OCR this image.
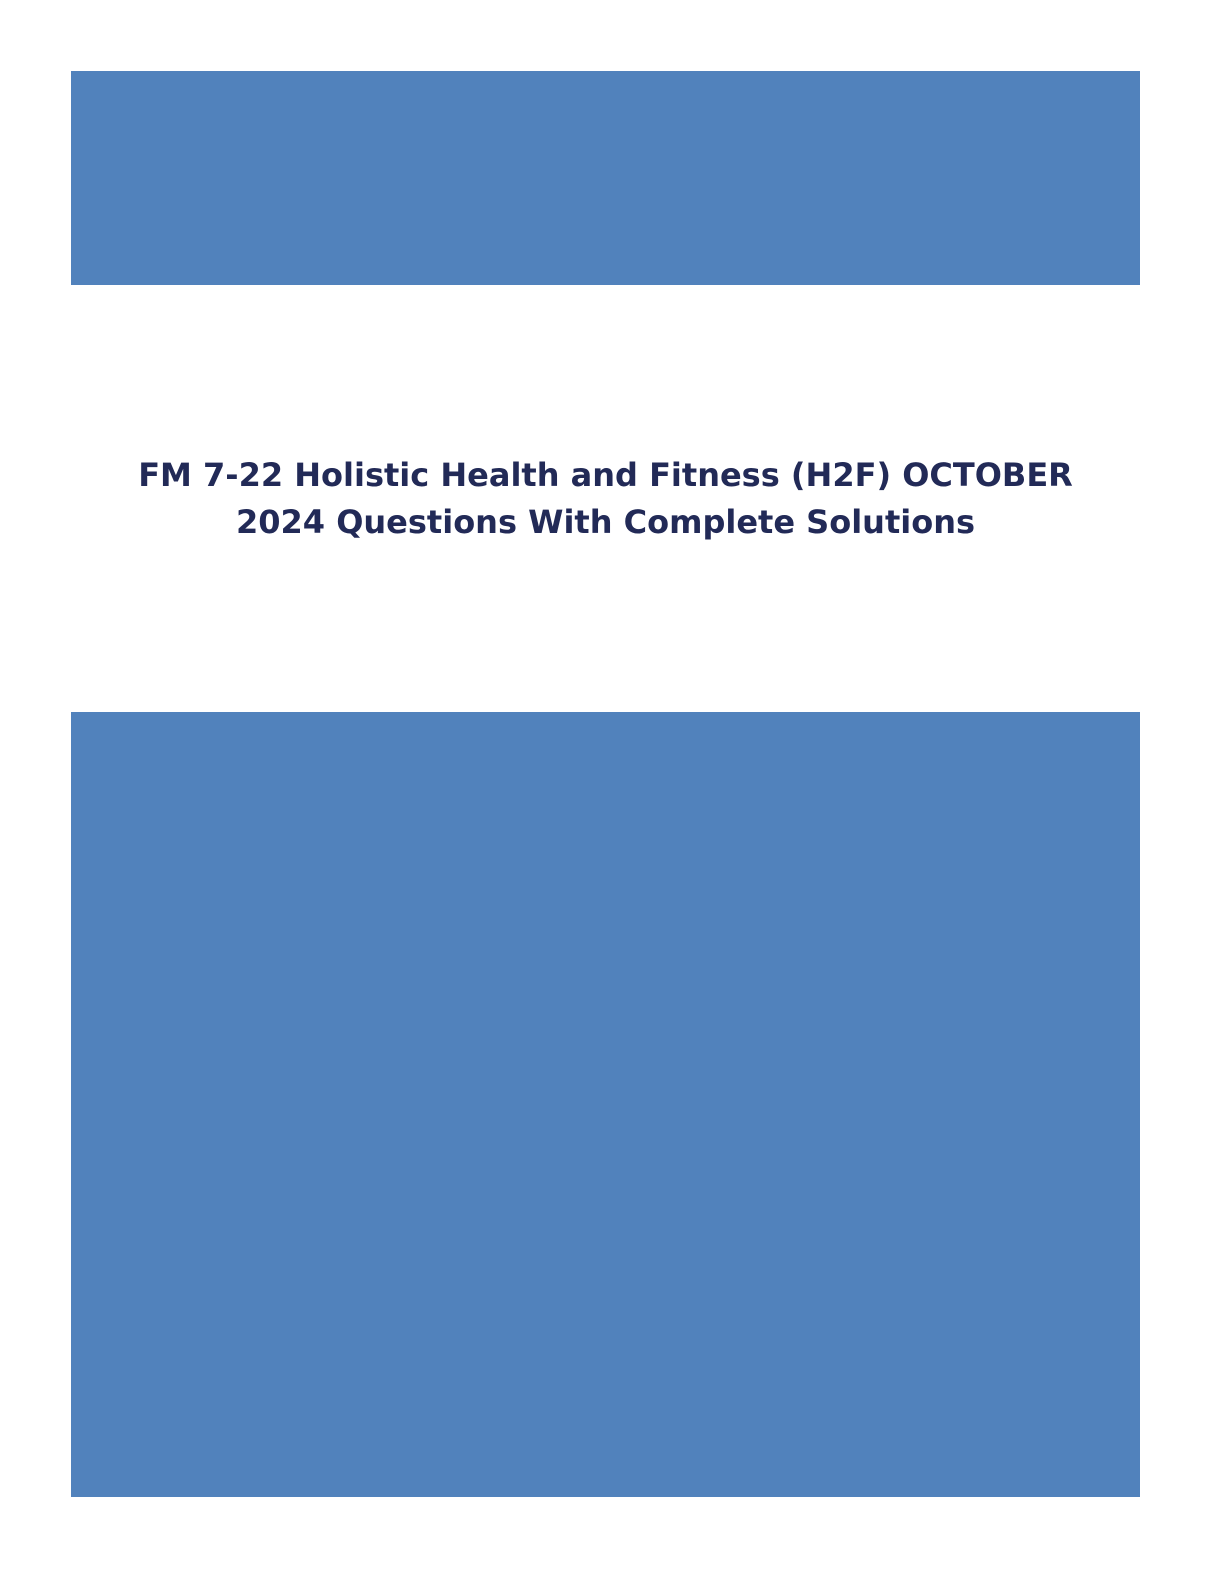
FM 7-22 Holistic Health and Fitness (H2F) OCTOBER
2024 Questions With Complete Solutions
